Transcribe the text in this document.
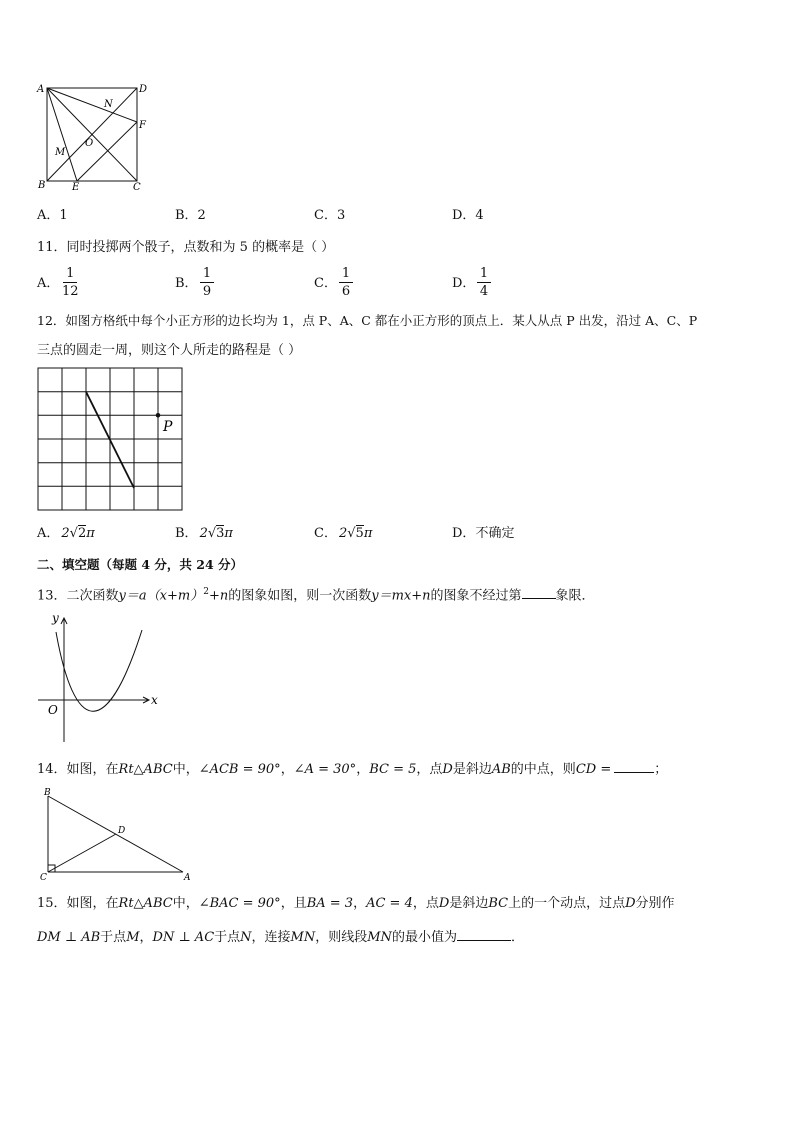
A	D
N
F
O
M
B	E	C
A．1	B．2	C．3	D．4
11．同时投掷两个骰子，点数和为 5 的概率是（ ）
A．
1
12
B．
1
9
C．
1
6
D．
1
4
12．如图方格纸中每个小正方形的边长均为 1，点 P、A、C 都在小正方形的顶点上．某人从点 P 出发，沿过 A、C、P
三点的圆走一周，则这个人所走的路程是（ ）
P
A． 2√2π	B． 2√3π	C． 2√5π	D．不确定
二、填空题（每题 4 分，共 24 分）
13．二次函数$y=a(x+m)^2+n$的图象如图，则一次函数y＝mx+n的图象不经过第	象限．
y
x
O
14．如图，在Rt△ABC中，∠ACB = 90°，∠A = 30°，BC = 5，点D是斜边AB的中点，则CD =	；
B
D
C	A
15．如图，在Rt△ABC中，∠BAC = 90°，且BA = 3，AC = 4，点D是斜边BC上的一个动点，过点D分别作
DM ⊥ AB于点M，DN ⊥ AC于点N，连接MN，则线段MN的最小值为	．
